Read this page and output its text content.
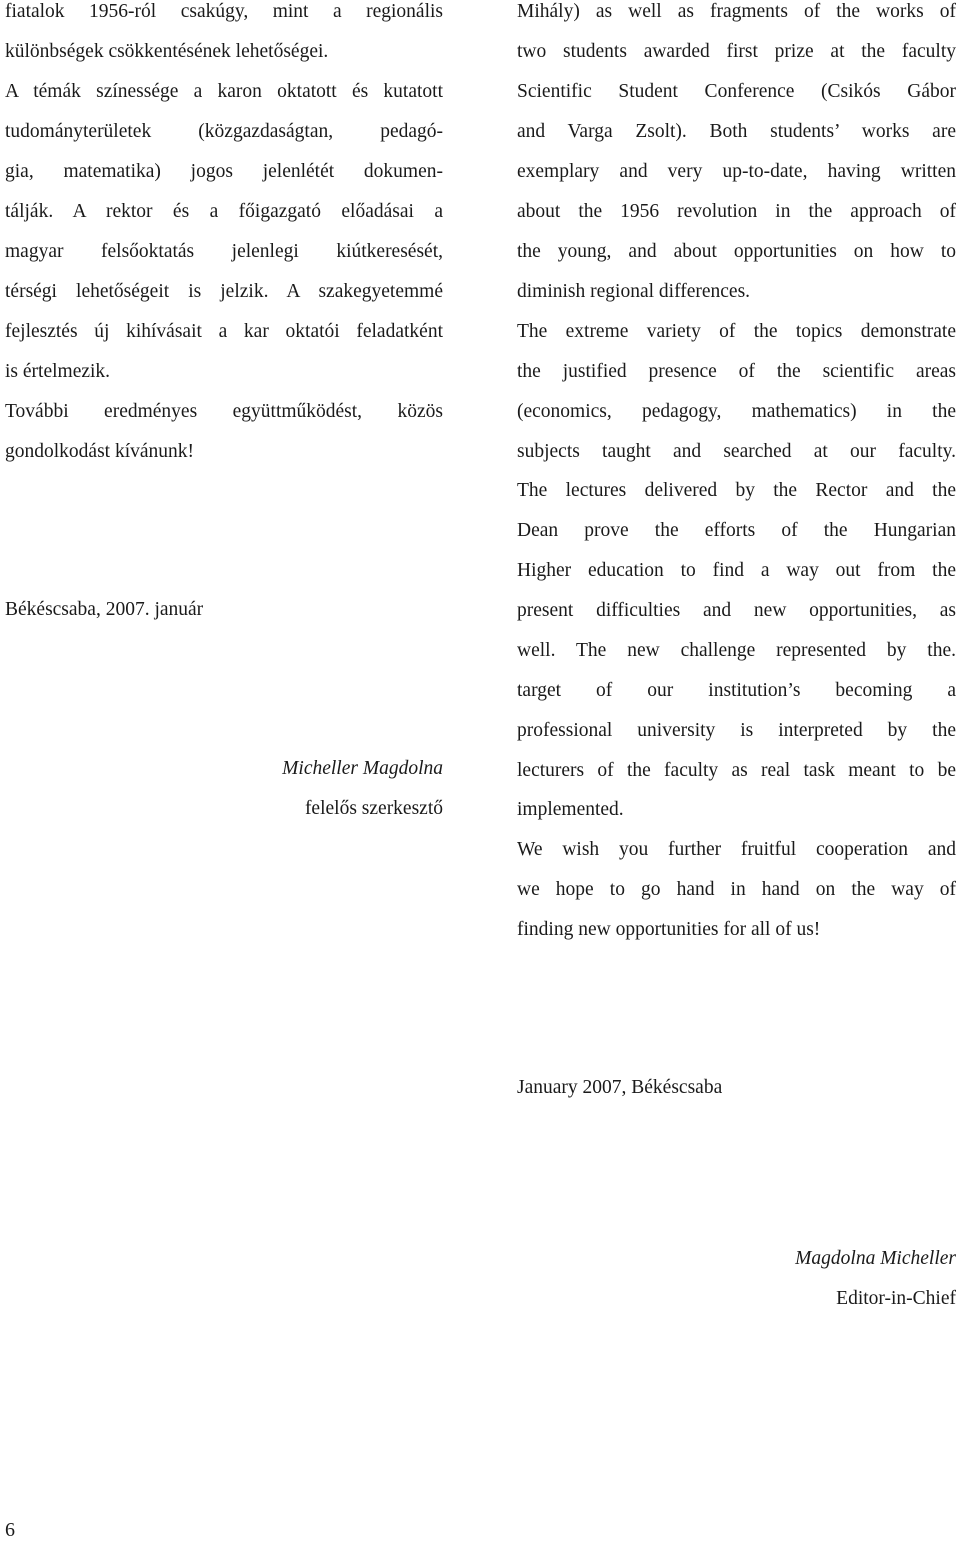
fiatalok 1956-ról csakúgy, mint a regionális
különbségek csökkentésének lehetőségei.
A témák színessége a karon oktatott és kutatott
tudományterületek (közgazdaságtan, pedagó-
gia, matematika) jogos jelenlétét dokumen-
tálják. A rektor és a főigazgató előadásai a
magyar felsőoktatás jelenlegi kiútkeresését,
térségi lehetőségeit is jelzik. A szakegyetemmé
fejlesztés új kihívásait a kar oktatói feladatként
is értelmezik.
További eredményes együttműködést, közös
gondolkodást kívánunk!
Békéscsaba, 2007. január
Micheller Magdolna
felelős szerkesztő
Mihály) as well as fragments of the works of
two students awarded first prize at the faculty
Scientific Student Conference (Csikós Gábor
and Varga Zsolt). Both students’ works are
exemplary and very up-to-date, having written
about the 1956 revolution in the approach of
the young, and about opportunities on how to
diminish regional differences.
The extreme variety of the topics demonstrate
the justified presence of the scientific areas
(economics, pedagogy, mathematics) in the
subjects taught and searched at our faculty.
The lectures delivered by the Rector and the
Dean prove the efforts of the Hungarian
Higher education to find a way out from the
present difficulties and new opportunities, as
well. The new challenge represented by the.
target of our institution’s becoming a
professional university is interpreted by the
lecturers of the faculty as real task meant to be
implemented.
We wish you further fruitful cooperation and
we hope to go hand in hand on the way of
finding new opportunities for all of us!
January 2007, Békéscsaba
Magdolna Micheller
Editor-in-Chief
6
